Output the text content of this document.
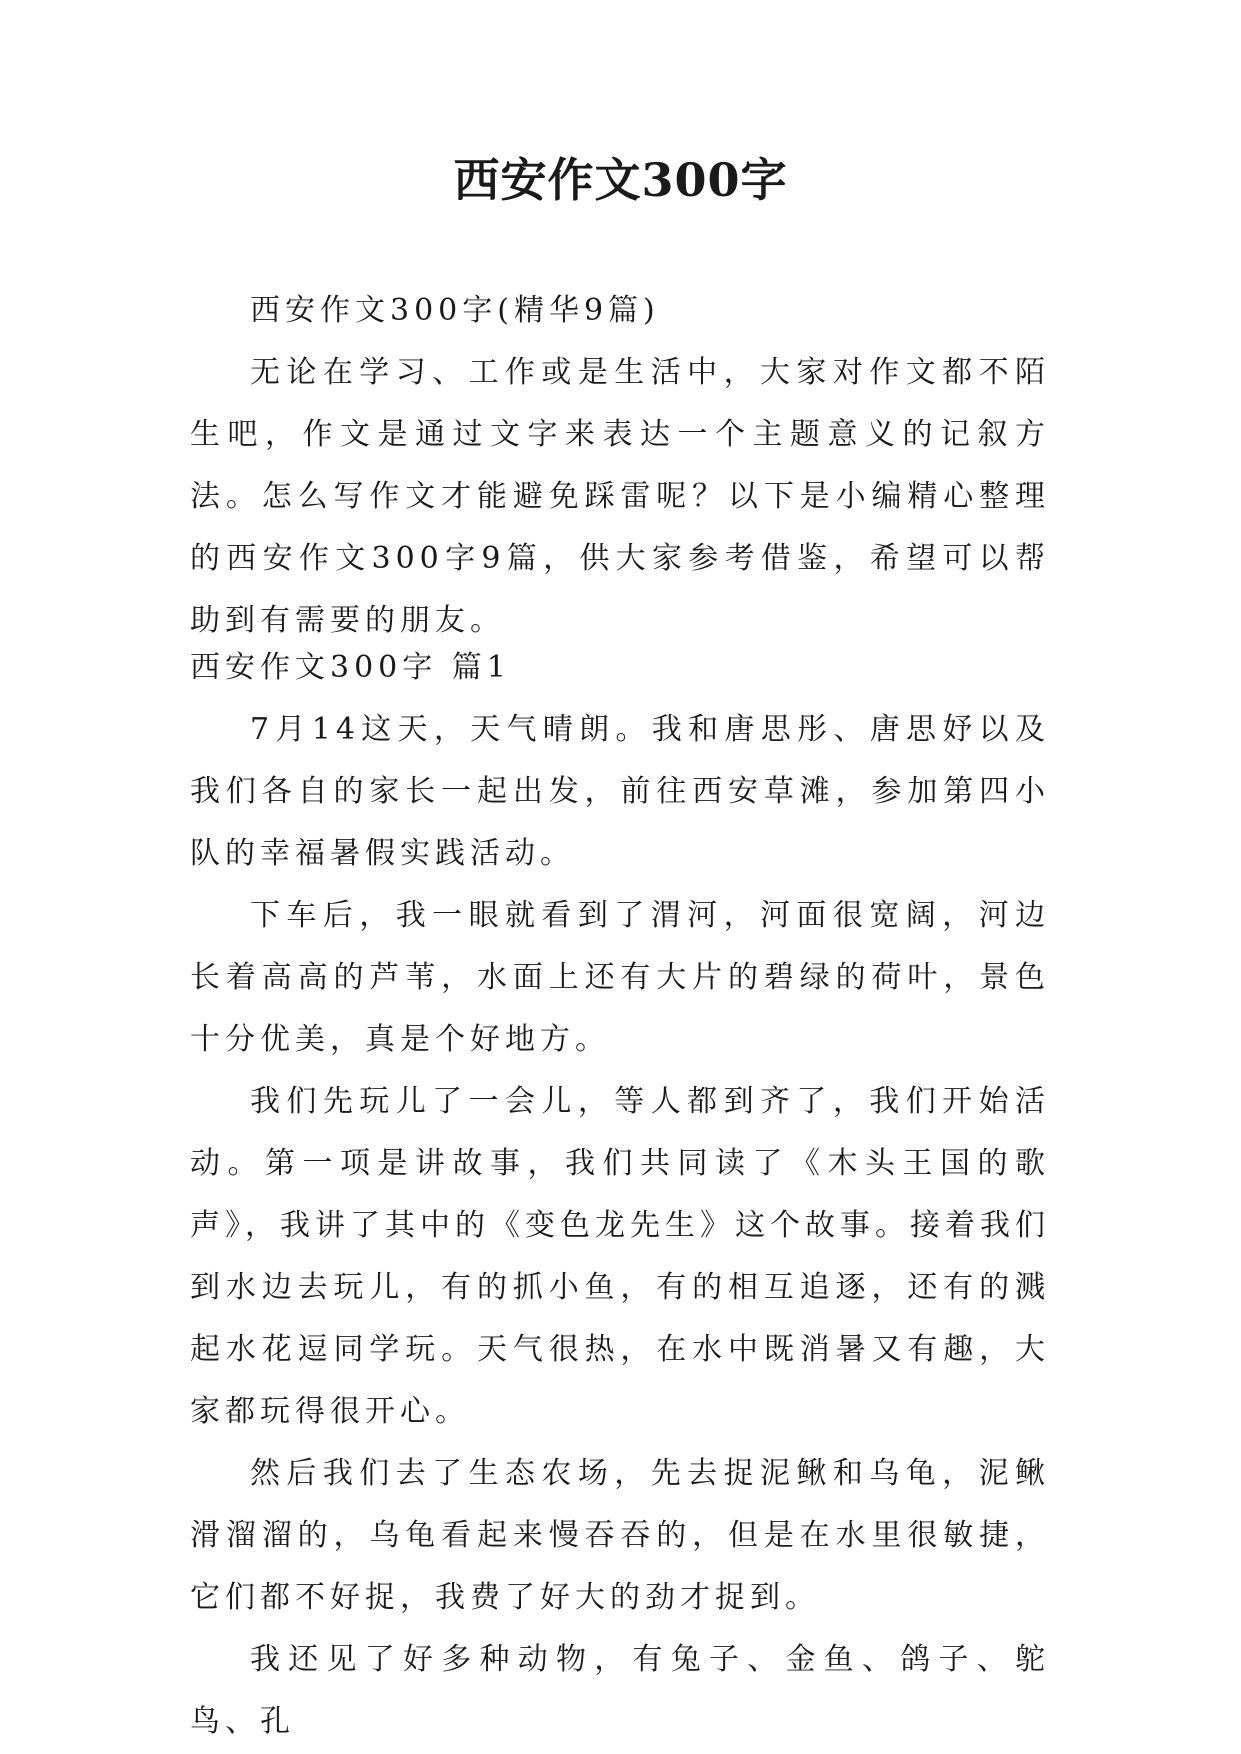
西安作文300字

西安作文300字(精华9篇)

无论在学习、工作或是生活中，大家对作文都不陌生吧，作文是通过文字来表达一个主题意义的记叙方法。怎么写作文才能避免踩雷呢？以下是小编精心整理的西安作文300字9篇，供大家参考借鉴，希望可以帮助到有需要的朋友。

西安作文300字 篇1

7月14这天，天气晴朗。我和唐思彤、唐思妤以及我们各自的家长一起出发，前往西安草滩，参加第四小队的幸福暑假实践活动。

下车后，我一眼就看到了渭河，河面很宽阔，河边长着高高的芦苇，水面上还有大片的碧绿的荷叶，景色十分优美，真是个好地方。

我们先玩儿了一会儿，等人都到齐了，我们开始活动。第一项是讲故事，我们共同读了《木头王国的歌声》，我讲了其中的《变色龙先生》这个故事。接着我们到水边去玩儿，有的抓小鱼，有的相互追逐，还有的溅起水花逗同学玩。天气很热，在水中既消暑又有趣，大家都玩得很开心。

然后我们去了生态农场，先去捉泥鳅和乌龟，泥鳅滑溜溜的，乌龟看起来慢吞吞的，但是在水里很敏捷，它们都不好捉，我费了好大的劲才捉到。

我还见了好多种动物，有兔子、金鱼、鸽子、鸵鸟、孔
